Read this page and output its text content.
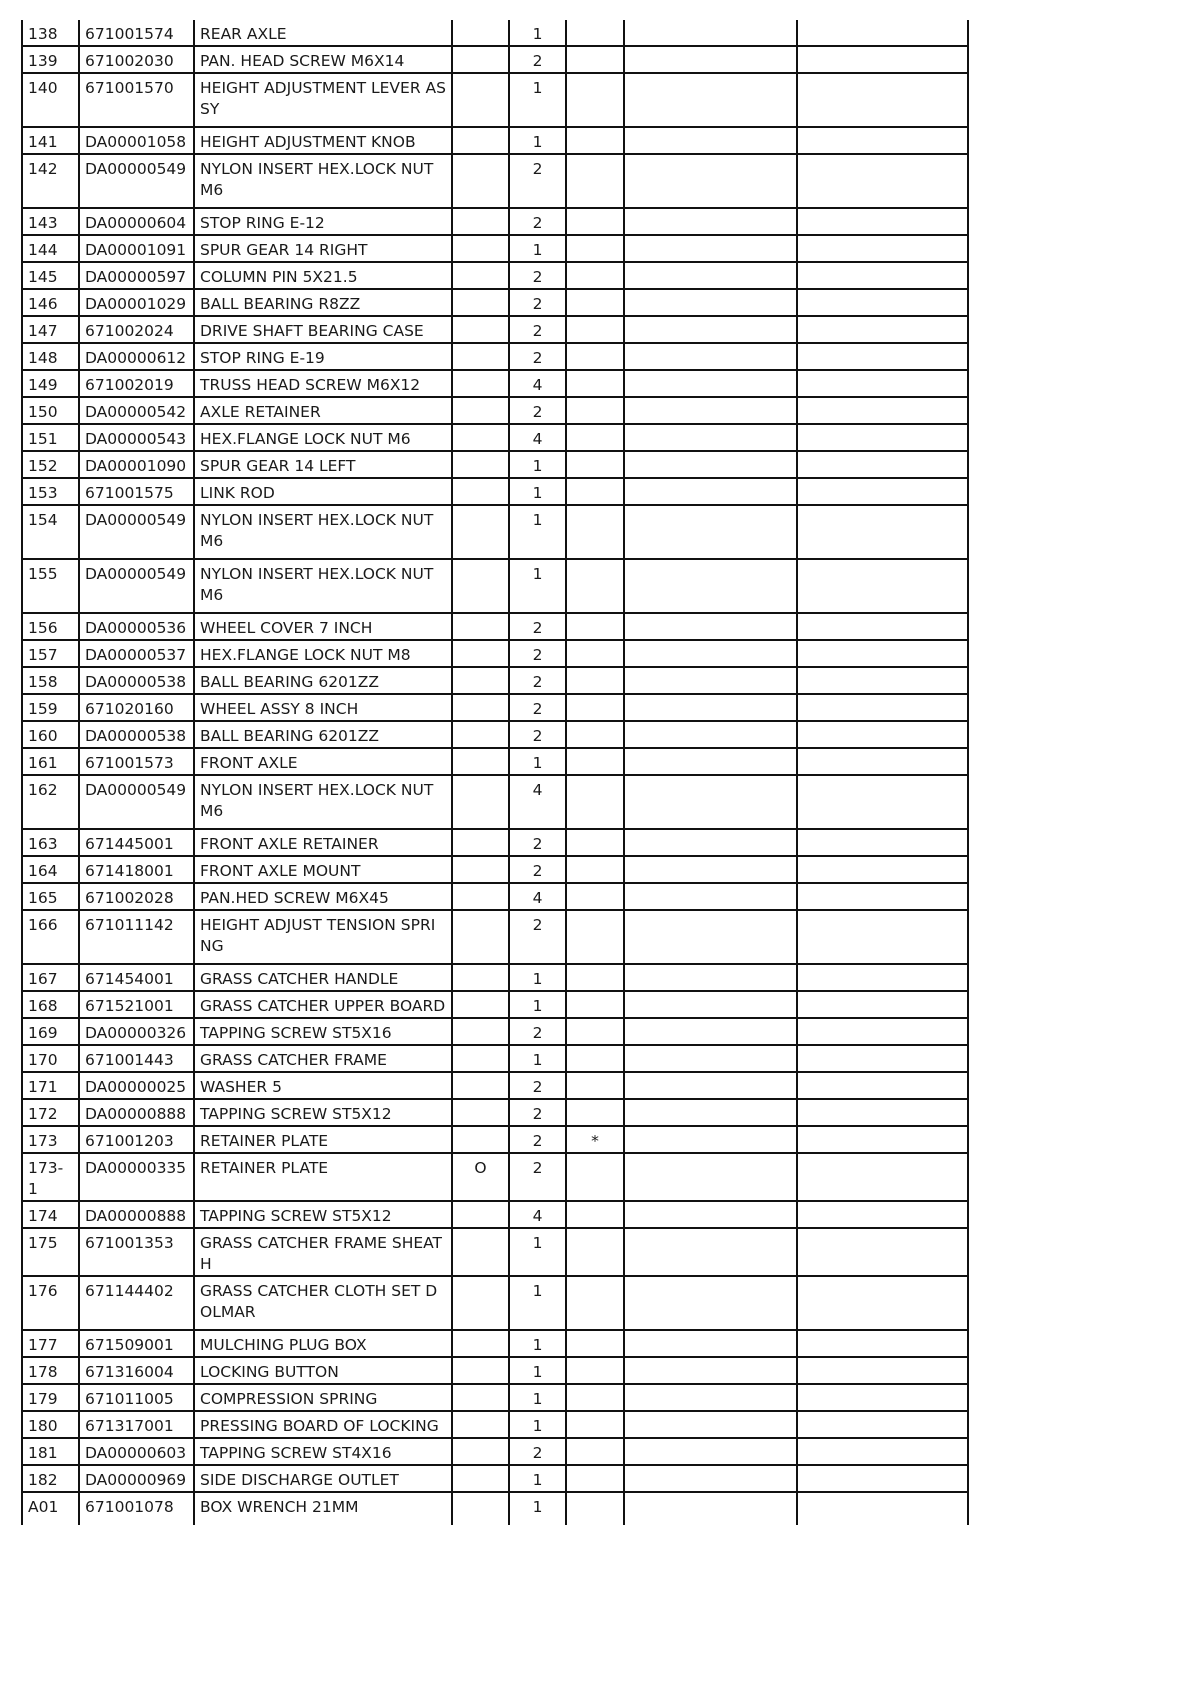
138	671001574	REAR AXLE		1			
139	671002030	PAN. HEAD SCREW M6X14		2			
140	671001570	HEIGHT ADJUSTMENT LEVER ASSY		1			
141	DA00001058	HEIGHT ADJUSTMENT KNOB		1			
142	DA00000549	NYLON INSERT HEX.LOCK NUT M6		2			
143	DA00000604	STOP RING E-12		2			
144	DA00001091	SPUR GEAR 14 RIGHT		1			
145	DA00000597	COLUMN PIN 5X21.5		2			
146	DA00001029	BALL BEARING R8ZZ		2			
147	671002024	DRIVE SHAFT BEARING CASE		2			
148	DA00000612	STOP RING E-19		2			
149	671002019	TRUSS HEAD SCREW M6X12		4			
150	DA00000542	AXLE RETAINER		2			
151	DA00000543	HEX.FLANGE LOCK NUT M6		4			
152	DA00001090	SPUR GEAR 14 LEFT		1			
153	671001575	LINK ROD		1			
154	DA00000549	NYLON INSERT HEX.LOCK NUT M6		1			
155	DA00000549	NYLON INSERT HEX.LOCK NUT M6		1			
156	DA00000536	WHEEL COVER 7 INCH		2			
157	DA00000537	HEX.FLANGE LOCK NUT M8		2			
158	DA00000538	BALL BEARING 6201ZZ		2			
159	671020160	WHEEL ASSY 8 INCH		2			
160	DA00000538	BALL BEARING 6201ZZ		2			
161	671001573	FRONT AXLE		1			
162	DA00000549	NYLON INSERT HEX.LOCK NUT M6		4			
163	671445001	FRONT AXLE RETAINER		2			
164	671418001	FRONT AXLE MOUNT		2			
165	671002028	PAN.HED SCREW M6X45		4			
166	671011142	HEIGHT ADJUST TENSION SPRING		2			
167	671454001	GRASS CATCHER HANDLE		1			
168	671521001	GRASS CATCHER UPPER BOARD		1			
169	DA00000326	TAPPING SCREW ST5X16		2			
170	671001443	GRASS CATCHER FRAME		1			
171	DA00000025	WASHER 5		2			
172	DA00000888	TAPPING SCREW ST5X12		2			
173	671001203	RETAINER PLATE		2	*		
173-1	DA00000335	RETAINER PLATE	O	2			
174	DA00000888	TAPPING SCREW ST5X12		4			
175	671001353	GRASS CATCHER FRAME SHEATH		1			
176	671144402	GRASS CATCHER CLOTH SET DOLMAR		1			
177	671509001	MULCHING PLUG BOX		1			
178	671316004	LOCKING BUTTON		1			
179	671011005	COMPRESSION SPRING		1			
180	671317001	PRESSING BOARD OF LOCKING		1			
181	DA00000603	TAPPING SCREW ST4X16		2			
182	DA00000969	SIDE DISCHARGE OUTLET		1			
A01	671001078	BOX WRENCH 21MM		1			
